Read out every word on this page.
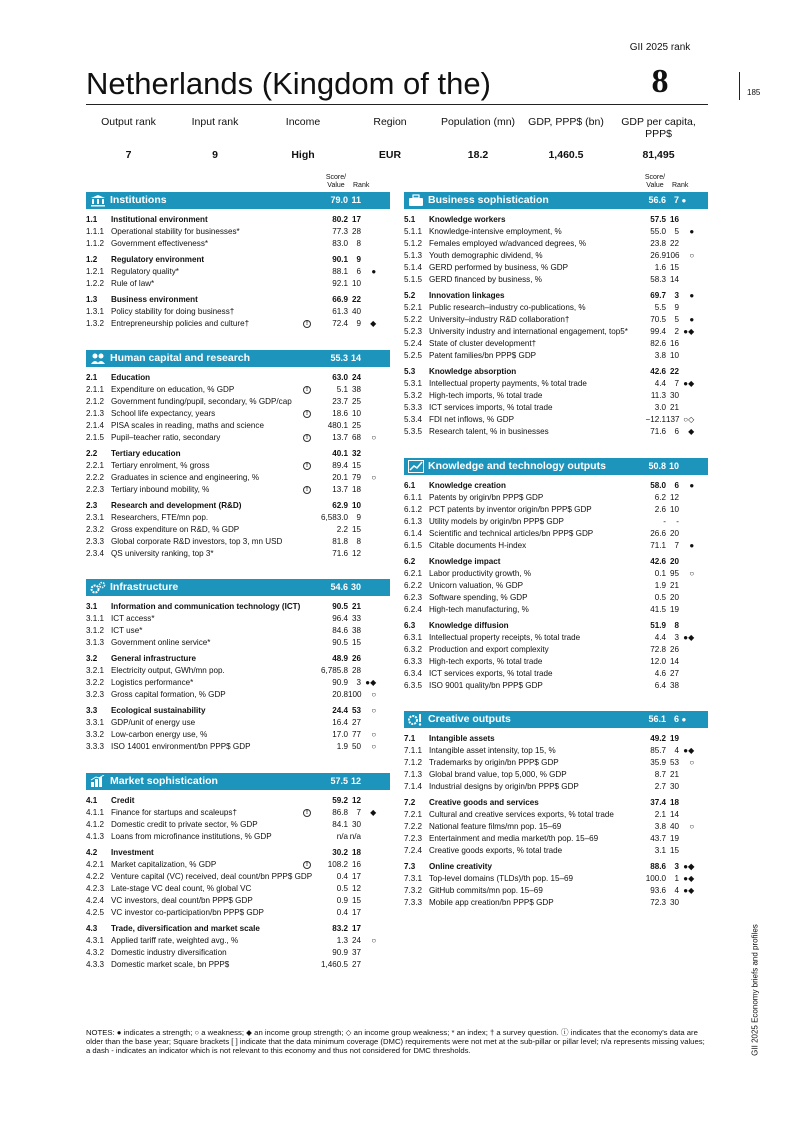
GII 2025 rank
8
Netherlands (Kingdom of the)	185
Output rank	Input rank	Income	Region	Population (mn)	GDP, PPP$ (bn)	GDP per capita, PPP$
7	9	High	EUR	18.2	1,460.5	81,495
Score/ Value	Rank
Score/ Value	Rank
Institutions	79.0 11
1.1 Institutional environment	80.2 17
1.1.1 Operational stability for businesses*	77.3 28
1.1.2 Government effectiveness*	83.0	8
1.2 Regulatory environment	90.1	9
1.2.1 Regulatory quality*	88.1	6 ●
1.2.2 Rule of law*	92.1 10
1.3 Business environment	66.9 22
1.3.1 Policy stability for doing business†	61.3 40
1.3.2 Entrepreneurship policies and culture†	!	72.4	9 ◆
Human capital and research	55.3 14
2.1 Education	63.0 24
2.1.1 Expenditure on education, % GDP	!	5.1 38
2.1.2 Government funding/pupil, secondary, % GDP/cap	23.7 25
2.1.3 School life expectancy, years	!	18.6 10
2.1.4 PISA scales in reading, maths and science	480.1 25
2.1.5 Pupil–teacher ratio, secondary	!	13.7 68 ○
2.2 Tertiary education	40.1 32
2.2.1 Tertiary enrolment, % gross	!	89.4 15
2.2.2 Graduates in science and engineering, %	20.1 79 ○
2.2.3 Tertiary inbound mobility, %	!	13.7 18
2.3 Research and development (R&D)	62.9 10
2.3.1 Researchers, FTE/mn pop.	6,583.0	9
2.3.2 Gross expenditure on R&D, % GDP	2.2 15
2.3.3 Global corporate R&D investors, top 3, mn USD	81.8	8
2.3.4 QS university ranking, top 3*	71.6 12
Infrastructure	54.6 30
3.1 Information and communication technology (ICT)	90.5 21
3.1.1 ICT access*	96.4 33
3.1.2 ICT use*	84.6 38
3.1.3 Government online service*	90.5 15
3.2 General infrastructure	48.9 26
3.2.1 Electricity output, GWh/mn pop.	6,785.8 28
3.2.2 Logistics performance*	90.9	3 ●◆
3.2.3 Gross capital formation, % GDP	20.8 100 ○
3.3 Ecological sustainability	24.4 53 ○
3.3.1 GDP/unit of energy use	16.4 27
3.3.2 Low-carbon energy use, %	17.0 77 ○
3.3.3 ISO 14001 environment/bn PPP$ GDP	1.9 50 ○
Market sophistication	57.5 12
4.1 Credit	59.2 12
4.1.1 Finance for startups and scaleups†	!	86.8	7 ◆
4.1.2 Domestic credit to private sector, % GDP	84.1 30
4.1.3 Loans from microfinance institutions, % GDP	n/a n/a
4.2 Investment	30.2 18
4.2.1 Market capitalization, % GDP	!	108.2 16
4.2.2 Venture capital (VC) received, deal count/bn PPP$ GDP	0.4 17
4.2.3 Late-stage VC deal count, % global VC	0.5 12
4.2.4 VC investors, deal count/bn PPP$ GDP	0.9 15
4.2.5 VC investor co-participation/bn PPP$ GDP	0.4 17
4.3 Trade, diversification and market scale	83.2 17
4.3.1 Applied tariff rate, weighted avg., %	1.3 24 ○
4.3.2 Domestic industry diversification	90.9 37
4.3.3 Domestic market scale, bn PPP$	1,460.5 27
Business sophistication	56.6 7 ●
5.1 Knowledge workers	57.5 16
5.1.1 Knowledge-intensive employment, %	55.0	5 ●
5.1.2 Females employed w/advanced degrees, %	23.8 22
5.1.3 Youth demographic dividend, %	26.9 106 ○
5.1.4 GERD performed by business, % GDP	1.6 15
5.1.5 GERD financed by business, %	58.3 14
5.2 Innovation linkages	69.7	3 ●
5.2.1 Public research–industry co-publications, %	5.5	9
5.2.2 University–industry R&D collaboration†	70.5	5 ●
5.2.3 University industry and international engagement, top5*	99.4	2 ●◆
5.2.4 State of cluster development†	82.6 16
5.2.5 Patent families/bn PPP$ GDP	3.8 10
5.3 Knowledge absorption	42.6 22
5.3.1 Intellectual property payments, % total trade	4.4	7 ●◆
5.3.2 High-tech imports, % total trade	11.3 30
5.3.3 ICT services imports, % total trade	3.0 21
5.3.4 FDI net inflows, % GDP	−12.1 137 ○◇
5.3.5 Research talent, % in businesses	71.6	6 ◆
Knowledge and technology outputs	50.8 10
6.1 Knowledge creation	58.0	6 ●
6.1.1 Patents by origin/bn PPP$ GDP	6.2 12
6.1.2 PCT patents by inventor origin/bn PPP$ GDP	2.6 10
6.1.3 Utility models by origin/bn PPP$ GDP	-	-
6.1.4 Scientific and technical articles/bn PPP$ GDP	26.6 20
6.1.5 Citable documents H-index	71.1	7 ●
6.2 Knowledge impact	42.6 20
6.2.1 Labor productivity growth, %	0.1 95 ○
6.2.2 Unicorn valuation, % GDP	1.9 21
6.2.3 Software spending, % GDP	0.5 20
6.2.4 High-tech manufacturing, %	41.5 19
6.3 Knowledge diffusion	51.9	8
6.3.1 Intellectual property receipts, % total trade	4.4	3 ●◆
6.3.2 Production and export complexity	72.8 26
6.3.3 High-tech exports, % total trade	12.0 14
6.3.4 ICT services exports, % total trade	4.6 27
6.3.5 ISO 9001 quality/bn PPP$ GDP	6.4 38
Creative outputs	56.1 6 ●
7.1 Intangible assets	49.2 19
7.1.1 Intangible asset intensity, top 15, %	85.7	4 ●◆
7.1.2 Trademarks by origin/bn PPP$ GDP	35.9 53 ○
7.1.3 Global brand value, top 5,000, % GDP	8.7 21
7.1.4 Industrial designs by origin/bn PPP$ GDP	2.7 30
7.2 Creative goods and services	37.4 18
7.2.1 Cultural and creative services exports, % total trade	2.1 14
7.2.2 National feature films/mn pop. 15–69	3.8 40 ○
7.2.3 Entertainment and media market/th pop. 15–69	43.7 19
7.2.4 Creative goods exports, % total trade	3.1 15
7.3 Online creativity	88.6	3 ●◆
7.3.1 Top-level domains (TLDs)/th pop. 15–69	100.0	1 ●◆
7.3.2 GitHub commits/mn pop. 15–69	93.6	4 ●◆
7.3.3 Mobile app creation/bn PPP$ GDP	72.3 30
NOTES: ● indicates a strength; ○ a weakness; ◆ an income group strength; ◇ an income group weakness; * an index; † a survey question. ⓘ indicates that the economy's data are older than the base year; Square brackets [ ] indicate that the data minimum coverage (DMC) requirements were not met at the sub-pillar or pillar level; n/a represents missing values; a dash - indicates an indicator which is not relevant to this economy and thus not considered for DMC thresholds.	GII 2025 Economy briefs and profiles
